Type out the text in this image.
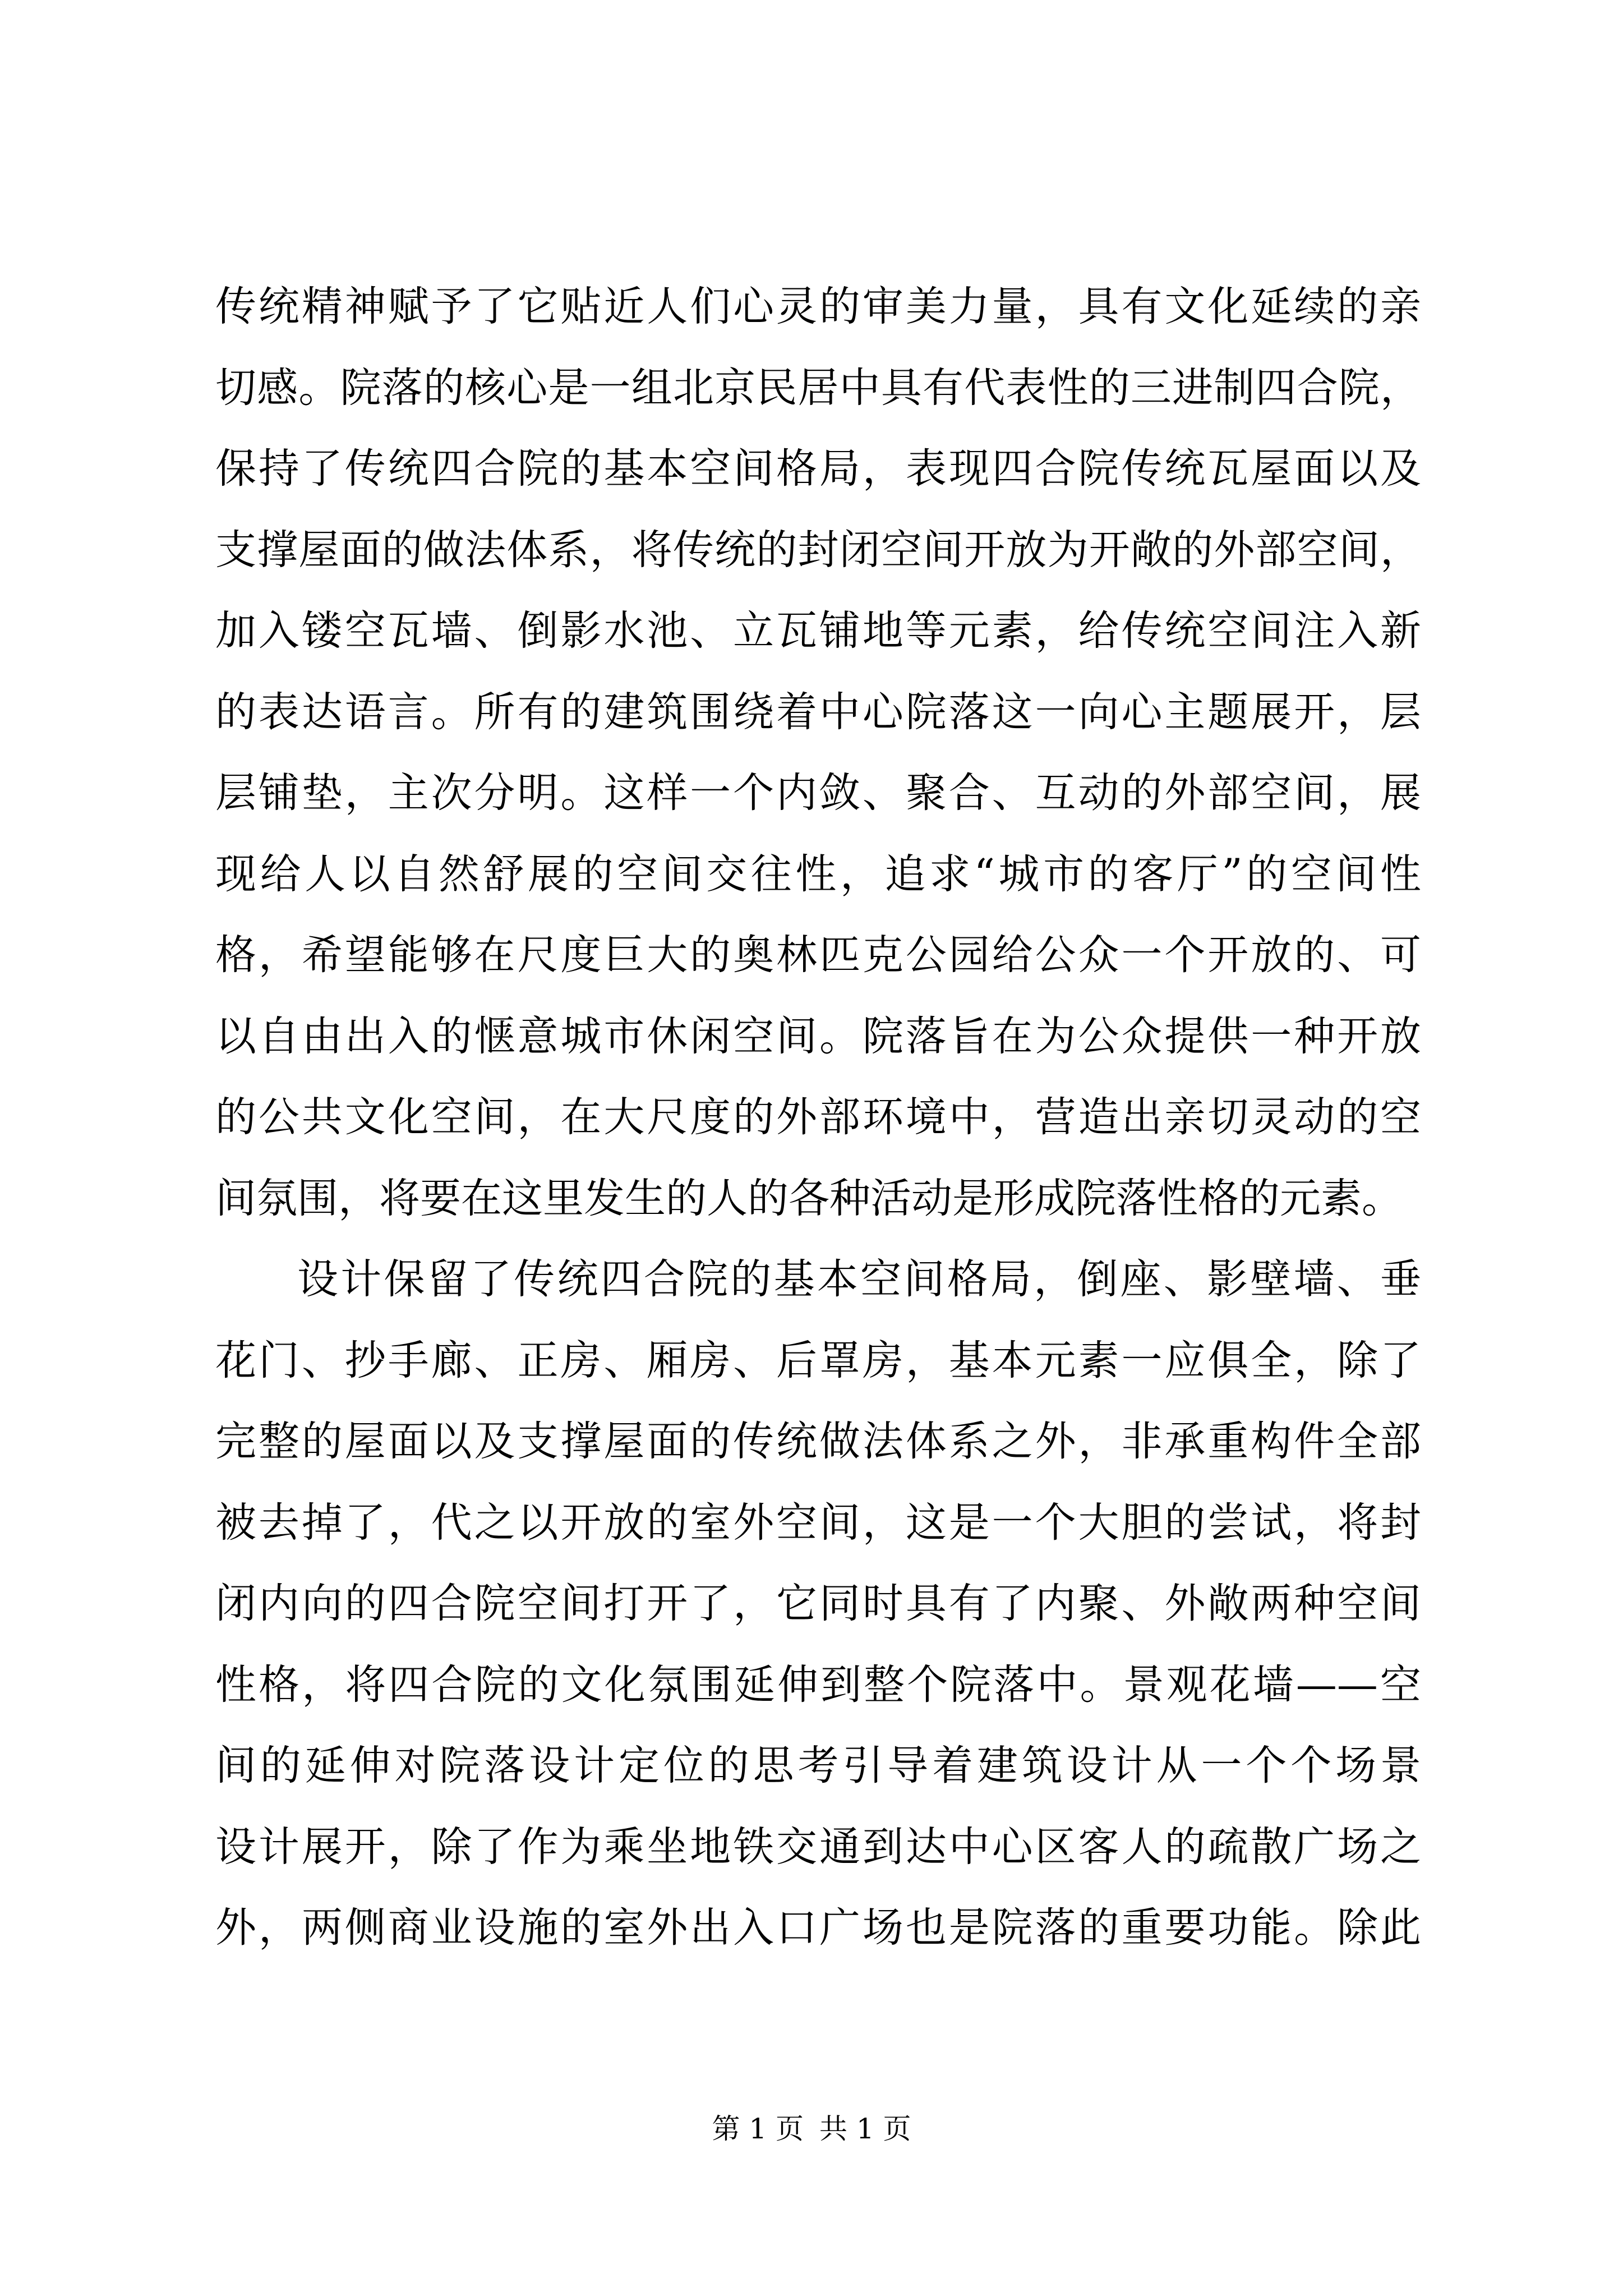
传统精神赋予了它贴近人们心灵的审美力量，具有文化延续的亲
切感。院落的核心是一组北京民居中具有代表性的三进制四合院，
保持了传统四合院的基本空间格局，表现四合院传统瓦屋面以及
支撑屋面的做法体系，将传统的封闭空间开放为开敞的外部空间，
加入镂空瓦墙、倒影水池、立瓦铺地等元素，给传统空间注入新
的表达语言。所有的建筑围绕着中心院落这一向心主题展开，层
层铺垫，主次分明。这样一个内敛、聚合、互动的外部空间，展
现给人以自然舒展的空间交往性，追求“城市的客厅”的空间性
格，希望能够在尺度巨大的奥林匹克公园给公众一个开放的、可
以自由出入的惬意城市休闲空间。院落旨在为公众提供一种开放
的公共文化空间，在大尺度的外部环境中，营造出亲切灵动的空
间氛围，将要在这里发生的人的各种活动是形成院落性格的元素。
设计保留了传统四合院的基本空间格局，倒座、影壁墙、垂
花门、抄手廊、正房、厢房、后罩房，基本元素一应俱全，除了
完整的屋面以及支撑屋面的传统做法体系之外，非承重构件全部
被去掉了，代之以开放的室外空间，这是一个大胆的尝试，将封
闭内向的四合院空间打开了，它同时具有了内聚、外敞两种空间
性格，将四合院的文化氛围延伸到整个院落中。景观花墙——空
间的延伸对院落设计定位的思考引导着建筑设计从一个个场景
设计展开，除了作为乘坐地铁交通到达中心区客人的疏散广场之
外，两侧商业设施的室外出入口广场也是院落的重要功能。除此
第 1 页 共 1 页
